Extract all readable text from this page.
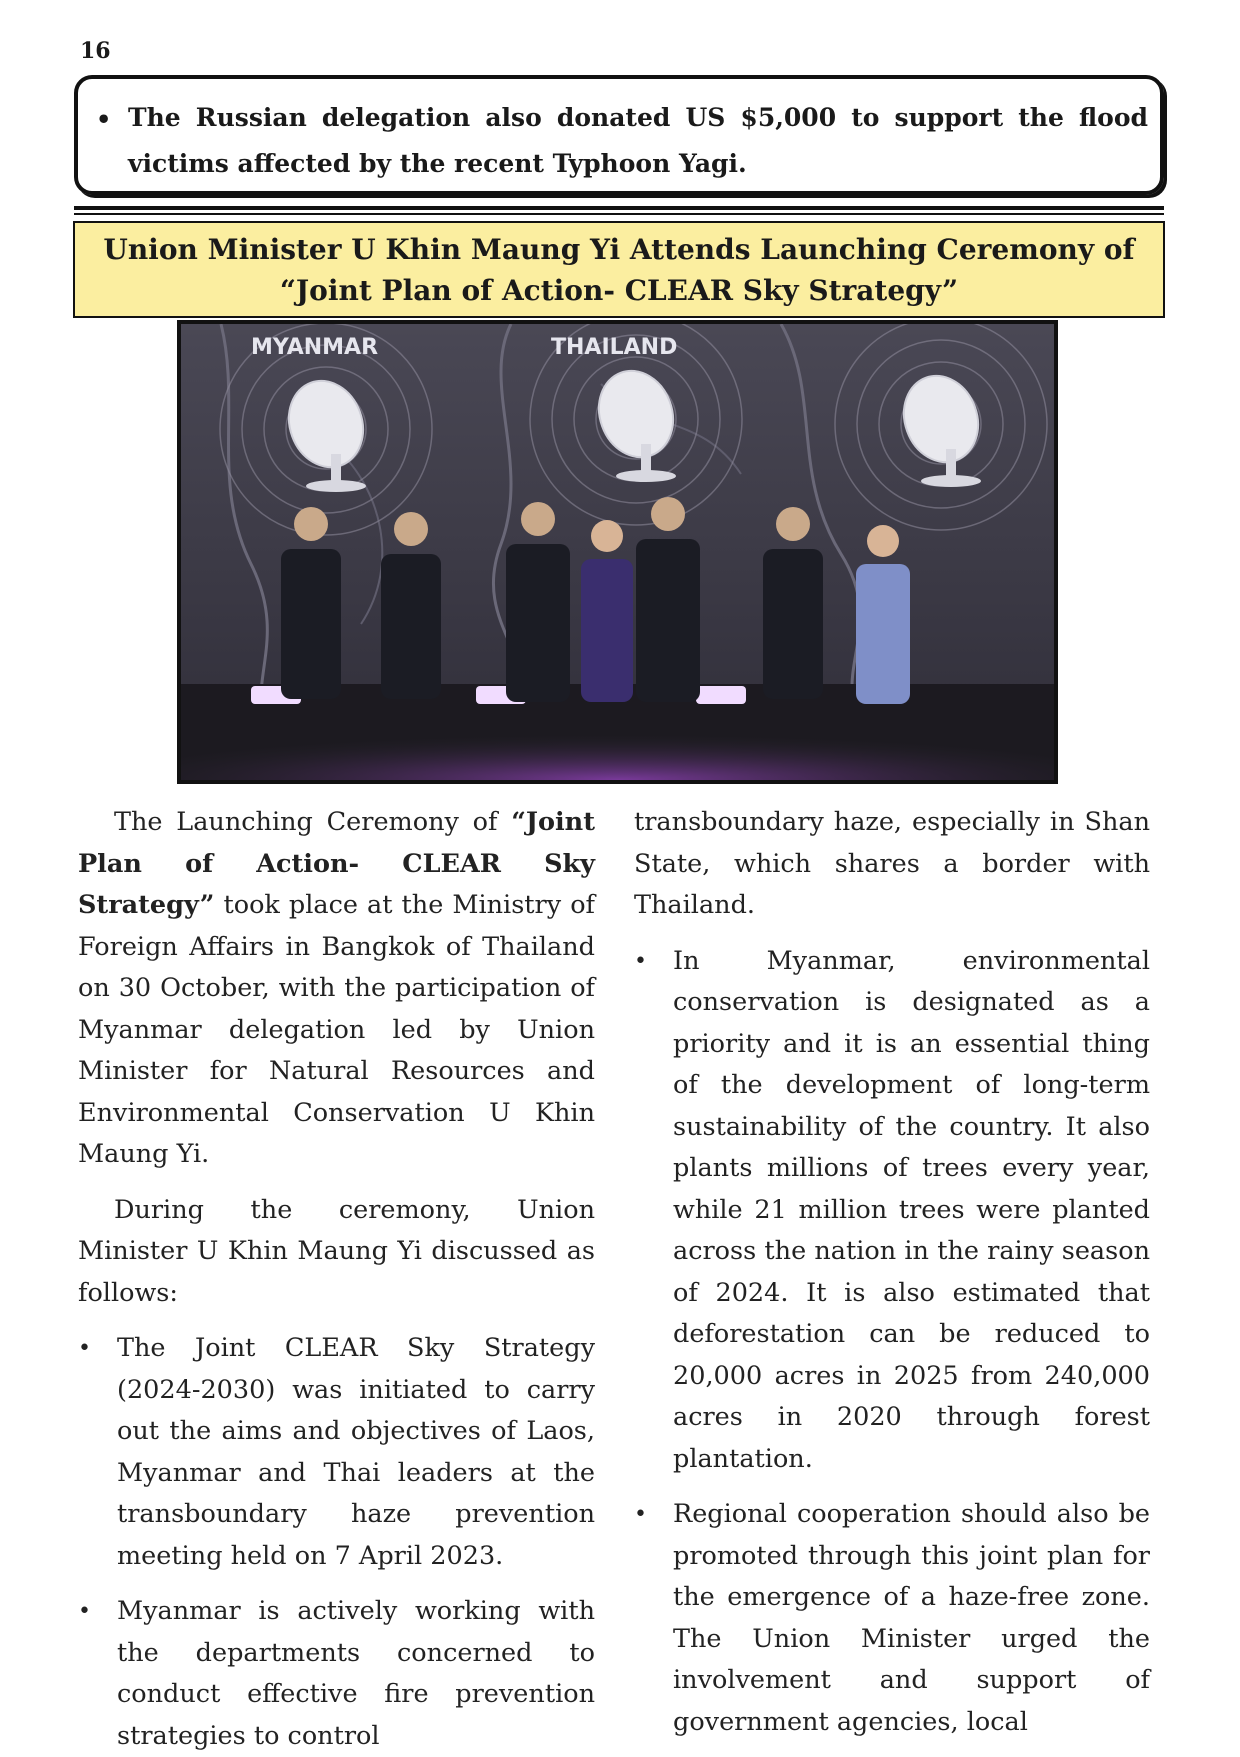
16
• The Russian delegation also donated US $5,000 to support the flood victims affected by the recent Typhoon Yagi.
Union Minister U Khin Maung Yi Attends Launching Ceremony of “Joint Plan of Action- CLEAR Sky Strategy”
MYANMAR	THAILAND

The Launching Ceremony of “Joint Plan of Action- CLEAR Sky Strategy” took place at the Ministry of Foreign Affairs in Bangkok of Thailand on 30 October, with the participation of Myanmar delegation led by Union Minister for Natural Resources and Environmental Conservation U Khin Maung Yi.

During the ceremony, Union Minister U Khin Maung Yi discussed as follows:

• The Joint CLEAR Sky Strategy (2024-2030) was initiated to carry out the aims and objectives of Laos, Myanmar and Thai leaders at the transboundary haze prevention meeting held on 7 April 2023.
• Myanmar is actively working with the departments concerned to conduct effective fire prevention strategies to control

transboundary haze, especially in Shan State, which shares a border with Thailand.

• In Myanmar, environmental conservation is designated as a priority and it is an essential thing of the development of long-term sustainability of the country. It also plants millions of trees every year, while 21 million trees were planted across the nation in the rainy season of 2024. It is also estimated that deforestation can be reduced to 20,000 acres in 2025 from 240,000 acres in 2020 through forest plantation.
• Regional cooperation should also be promoted through this joint plan for the emergence of a haze-free zone. The Union Minister urged the involvement and support of government agencies, local
